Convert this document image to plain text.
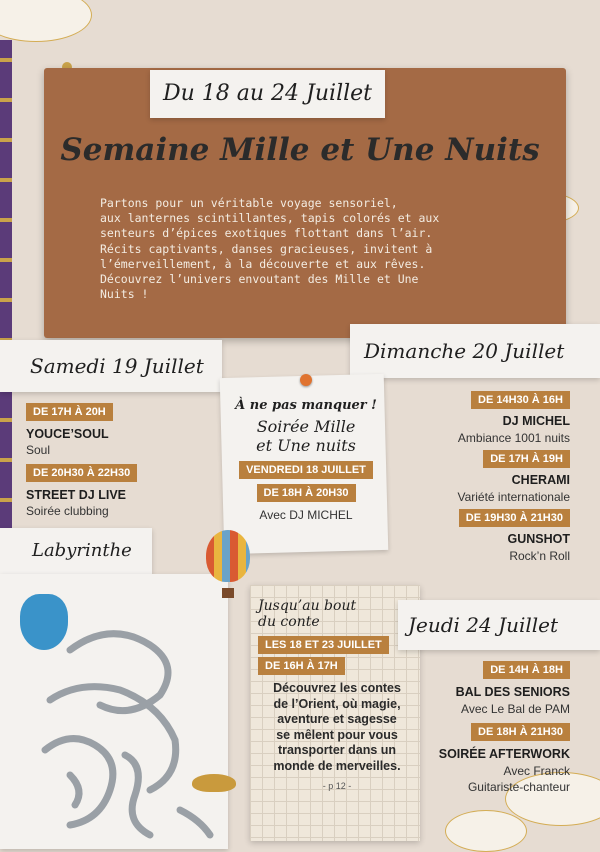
Du 18 au 24 Juillet
Semaine Mille et Une Nuits
Partons pour un véritable voyage sensoriel,
aux lanternes scintillantes, tapis colorés et aux
senteurs d’épices exotiques flottant dans l’air.
Récits captivants, danses gracieuses, invitent à
l’émerveillement, à la découverte et aux rêves.
Découvrez l’univers envoutant des Mille et Une
Nuits !
Samedi 19 Juillet
DE 17H À 20H
YOUCE’SOUL
Soul
DE 20H30 À 22H30
STREET DJ LIVE
Soirée clubbing
Dimanche 20 Juillet
DE 14H30 À 16H
DJ MICHEL
Ambiance 1001 nuits
DE 17H À 19H
CHERAMI
Variété internationale
DE 19H30 À 21H30
GUNSHOT
Rock’n Roll
À ne pas manquer !
Soirée Mille
et Une nuits
VENDREDI 18 JUILLET
DE 18H À 20H30
Avec DJ MICHEL
Labyrinthe
Jusqu’au bout
du conte
LES 18 ET 23 JUILLET
DE 16H À 17H
Découvrez les contes
de l’Orient, où magie,
aventure et sagesse
se mêlent pour vous
transporter dans un
monde de merveilles.
- p 12 -
Jeudi 24 Juillet
DE 14H À 18H
BAL DES SENIORS
Avec Le Bal de PAM
DE 18H À 21H30
SOIRÉE AFTERWORK
Avec Franck
Guitariste-chanteur
